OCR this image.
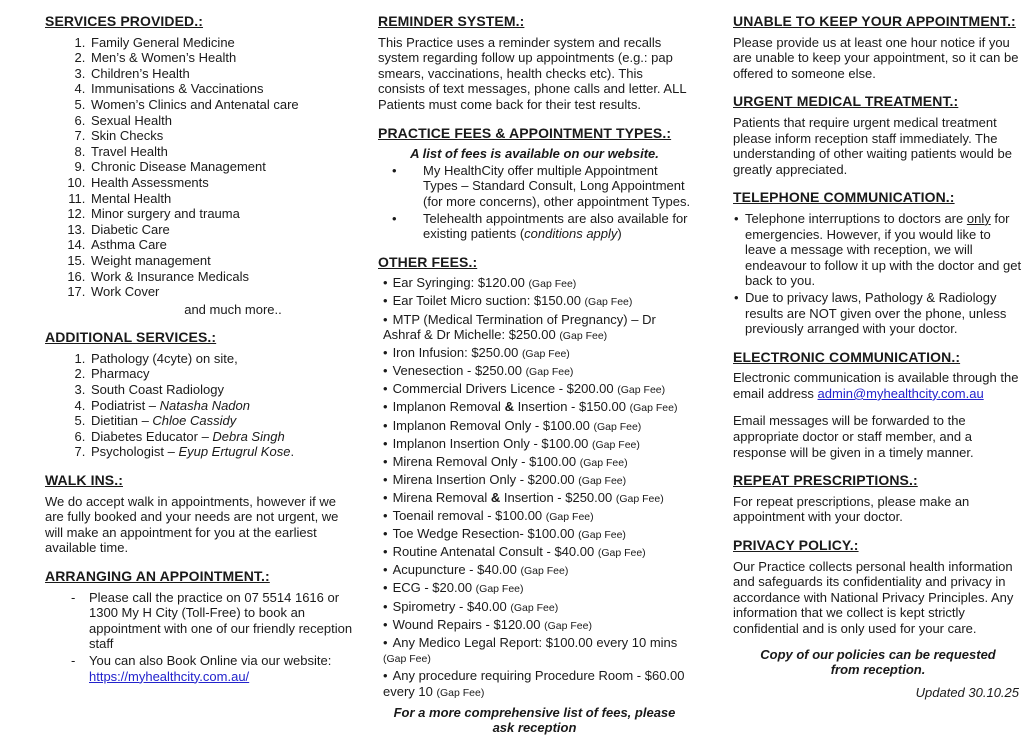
SERVICES PROVIDED.:
1. Family General Medicine
2. Men’s & Women’s Health
3. Children’s Health
4. Immunisations & Vaccinations
5. Women’s Clinics and Antenatal care
6. Sexual Health
7. Skin Checks
8. Travel Health
9. Chronic Disease Management
10. Health Assessments
11. Mental Health
12. Minor surgery and trauma
13. Diabetic Care
14. Asthma Care
15. Weight management
16. Work & Insurance Medicals
17. Work Cover
and much more..
ADDITIONAL SERVICES.:
1. Pathology (4cyte) on site,
2. Pharmacy
3. South Coast Radiology
4. Podiatrist – Natasha Nadon
5. Dietitian – Chloe Cassidy
6. Diabetes Educator – Debra Singh
7. Psychologist – Eyup Ertugrul Kose.
WALK INS.:
We do accept walk in appointments, however if we are fully booked and your needs are not urgent, we will make an appointment for you at the earliest available time.
ARRANGING AN APPOINTMENT.:
- Please call the practice on 07 5514 1616 or 1300 My H City (Toll-Free) to book an appointment with one of our friendly reception staff
- You can also Book Online via our website: https://myhealthcity.com.au/
REMINDER SYSTEM.:
This Practice uses a reminder system and recalls system regarding follow up appointments (e.g.: pap smears, vaccinations, health checks etc). This consists of text messages, phone calls and letter. ALL Patients must come back for their test results.
PRACTICE FEES & APPOINTMENT TYPES.:
A list of fees is available on our website.
• My HealthCity offer multiple Appointment Types – Standard Consult, Long Appointment (for more concerns), other appointment Types.
• Telehealth appointments are also available for existing patients (conditions apply)
OTHER FEES.:
• Ear Syringing: $120.00 (Gap Fee)
• Ear Toilet Micro suction: $150.00 (Gap Fee)
• MTP (Medical Termination of Pregnancy) – Dr Ashraf & Dr Michelle: $250.00 (Gap Fee)
• Iron Infusion: $250.00 (Gap Fee)
• Venesection - $250.00 (Gap Fee)
• Commercial Drivers Licence - $200.00 (Gap Fee)
• Implanon Removal & Insertion - $150.00 (Gap Fee)
• Implanon Removal Only - $100.00 (Gap Fee)
• Implanon Insertion Only - $100.00 (Gap Fee)
• Mirena Removal Only - $100.00 (Gap Fee)
• Mirena Insertion Only - $200.00 (Gap Fee)
• Mirena Removal & Insertion - $250.00 (Gap Fee)
• Toenail removal - $100.00 (Gap Fee)
• Toe Wedge Resection- $100.00 (Gap Fee)
• Routine Antenatal Consult - $40.00 (Gap Fee)
• Acupuncture - $40.00 (Gap Fee)
• ECG - $20.00 (Gap Fee)
• Spirometry - $40.00 (Gap Fee)
• Wound Repairs - $120.00 (Gap Fee)
• Any Medico Legal Report: $100.00 every 10 mins (Gap Fee)
• Any procedure requiring Procedure Room - $60.00 every 10 (Gap Fee)
For a more comprehensive list of fees, please ask reception
UNABLE TO KEEP YOUR APPOINTMENT.:
Please provide us at least one hour notice if you are unable to keep your appointment, so it can be offered to someone else.
URGENT MEDICAL TREATMENT.:
Patients that require urgent medical treatment please inform reception staff immediately. The understanding of other waiting patients would be greatly appreciated.
TELEPHONE COMMUNICATION.:
• Telephone interruptions to doctors are only for emergencies. However, if you would like to leave a message with reception, we will endeavour to follow it up with the doctor and get back to you.
• Due to privacy laws, Pathology & Radiology results are NOT given over the phone, unless previously arranged with your doctor.
ELECTRONIC COMMUNICATION.:
Electronic communication is available through the email address admin@myhealthcity.com.au
Email messages will be forwarded to the appropriate doctor or staff member, and a response will be given in a timely manner.
REPEAT PRESCRIPTIONS.:
For repeat prescriptions, please make an appointment with your doctor.
PRIVACY POLICY.:
Our Practice collects personal health information and safeguards its confidentiality and privacy in accordance with National Privacy Principles. Any information that we collect is kept strictly confidential and is only used for your care.
Copy of our policies can be requested from reception.
Updated 30.10.25
